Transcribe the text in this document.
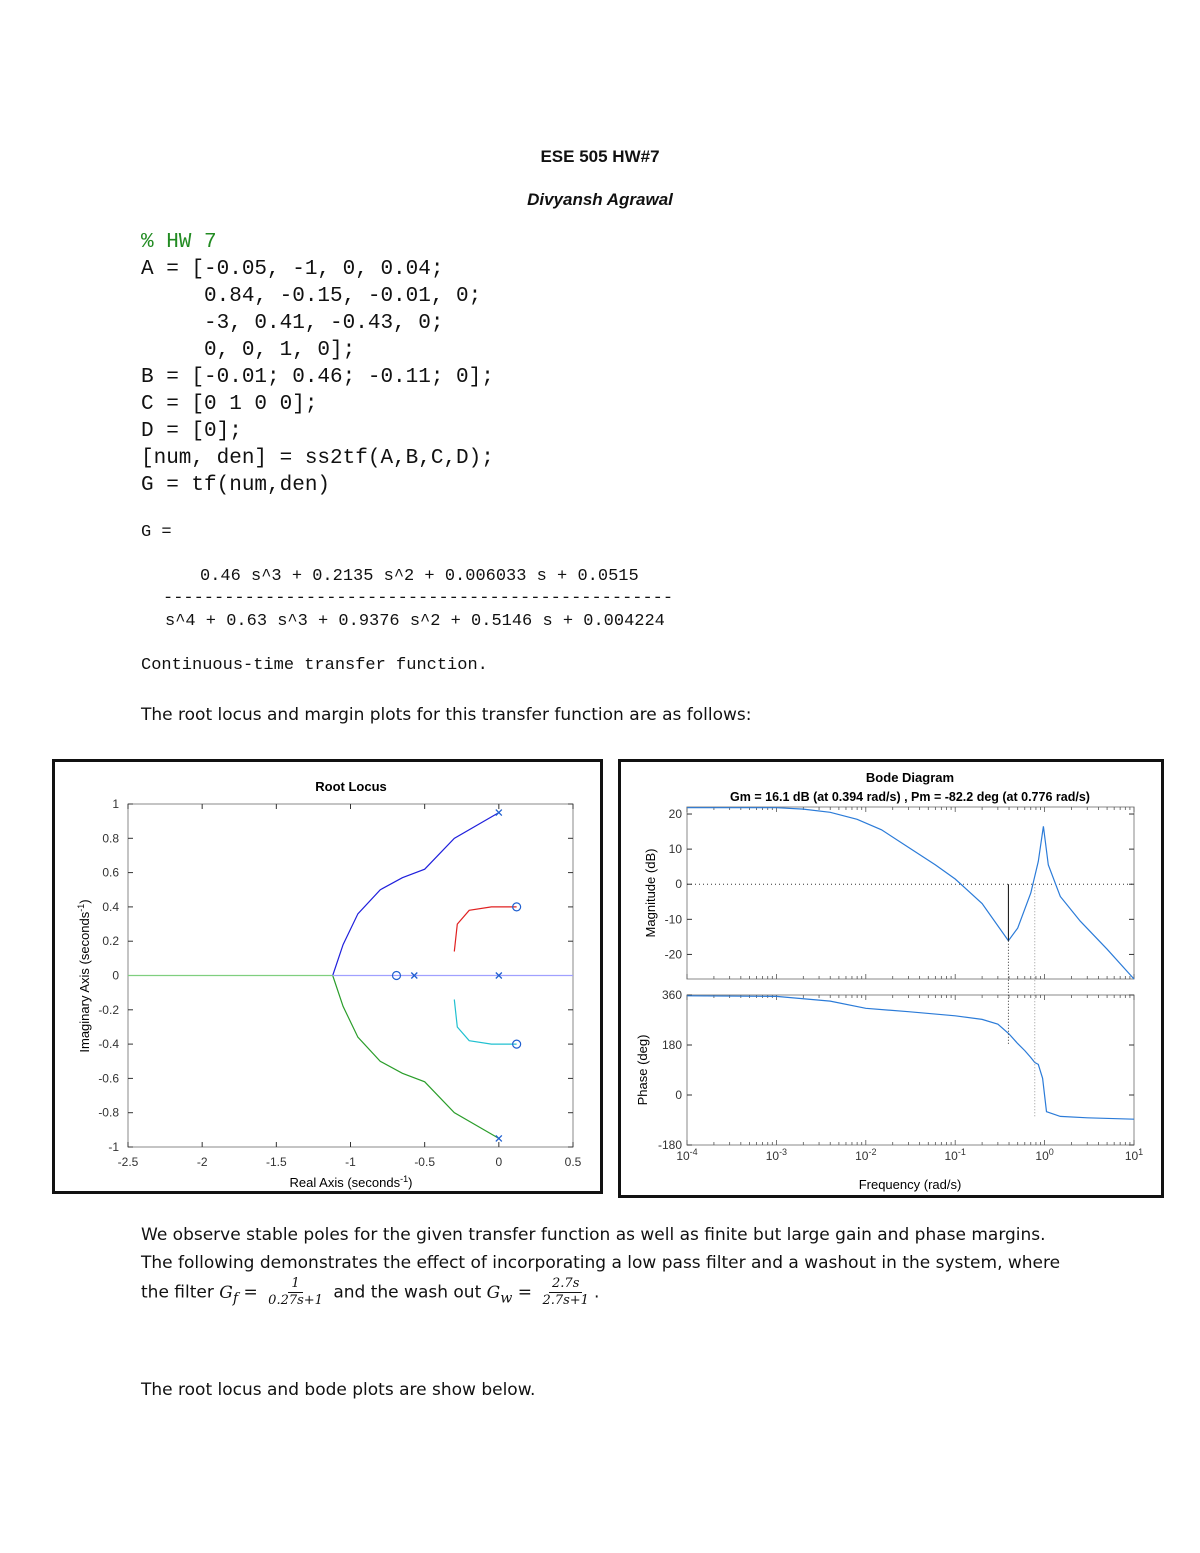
ESE 505 HW#7
Divyansh Agrawal
% HW 7
A = [-0.05, -1, 0, 0.04;
0.84, -0.15, -0.01, 0;
-3, 0.41, -0.43, 0;
0, 0, 1, 0];
B = [-0.01; 0.46; -0.11; 0];
C = [0 1 0 0];
D = [0];
[num, den] = ss2tf(A,B,C,D);
G = tf(num,den)
G =
0.46 s^3 + 0.2135 s^2 + 0.006033 s + 0.0515
--------------------------------------------------
s^4 + 0.63 s^3 + 0.9376 s^2 + 0.5146 s + 0.004224
Continuous-time transfer function.
The root locus and margin plots for this transfer function are as follows:
-2.5	-2	-1.5	-1	-0.5	0	0.5
1
0.8
0.6
0.4
0.2
0
-0.2
-0.4
-0.6
-0.8
-1
Root Locus
Real Axis (seconds$^{-1}$)
Imaginary Axis (seconds$^{-1}$)
20
10
0
-10
-20
360
180
0
-180
$10^{-4}$	$10^{-3}$	$10^{-2}$	$10^{-1}$	$10^0$	$10^1$
Bode Diagram
Gm = 16.1 dB (at 0.394 rad/s) , Pm = -82.2 deg (at 0.776 rad/s)
Frequency (rad/s)
Magnitude (dB)
Phase (deg)
We observe stable poles for the given transfer function as well as finite but large gain and phase margins. The following demonstrates the effect of incorporating a low pass filter and a washout in the system, where the filter $G_f = \frac{1}{0.27s+1}$ and the wash out $G_w = \frac{2.7s}{2.7s+1}$ .
The root locus and bode plots are show below.
